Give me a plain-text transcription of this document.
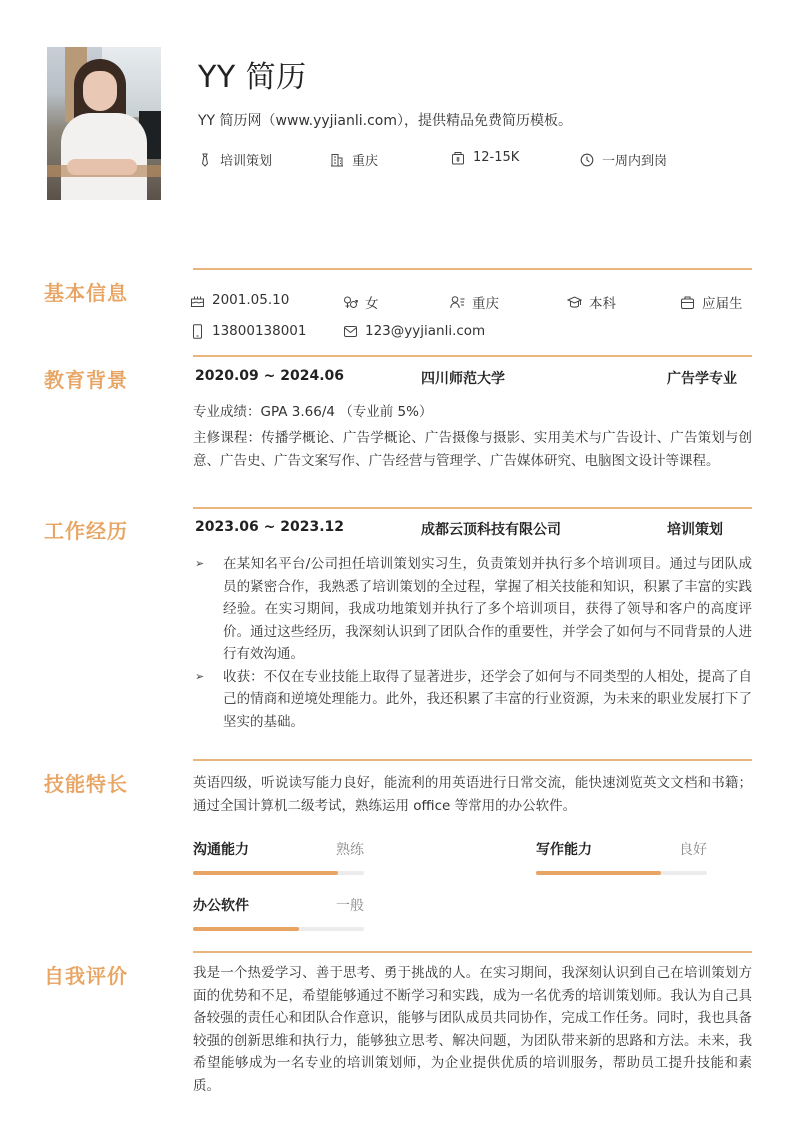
YY 简历
YY 简历网（www.yyjianli.com），提供精品免费简历模板。
培训策划	重庆	12-15K	一周内到岗
基本信息	2001.05.10	女	重庆	本科	应届生
13800138001	123@yyjianli.com
教育背景	2020.09 ~ 2024.06	四川师范大学	广告学专业
专业成绩：GPA 3.66/4 （专业前 5%）
主修课程：传播学概论、广告学概论、广告摄像与摄影、实用美术与广告设计、广告策划与创意、广告史、广告文案写作、广告经营与管理学、广告媒体研究、电脑图文设计等课程。
工作经历	2023.06 ~ 2023.12	成都云顶科技有限公司	培训策划
➢ 在某知名平台/公司担任培训策划实习生，负责策划并执行多个培训项目。通过与团队成员的紧密合作，我熟悉了培训策划的全过程，掌握了相关技能和知识，积累了丰富的实践经验。在实习期间，我成功地策划并执行了多个培训项目，获得了领导和客户的高度评价。通过这些经历，我深刻认识到了团队合作的重要性，并学会了如何与不同背景的人进行有效沟通。
➢ 收获：不仅在专业技能上取得了显著进步，还学会了如何与不同类型的人相处，提高了自己的情商和逆境处理能力。此外，我还积累了丰富的行业资源，为未来的职业发展打下了坚实的基础。
技能特长	英语四级，听说读写能力良好，能流利的用英语进行日常交流，能快速浏览英文文档和书籍；通过全国计算机二级考试，熟练运用 office 等常用的办公软件。
沟通能力	熟练	写作能力	良好
办公软件	一般
自我评价	我是一个热爱学习、善于思考、勇于挑战的人。在实习期间，我深刻认识到自己在培训策划方面的优势和不足，希望能够通过不断学习和实践，成为一名优秀的培训策划师。我认为自己具备较强的责任心和团队合作意识，能够与团队成员共同协作，完成工作任务。同时，我也具备较强的创新思维和执行力，能够独立思考、解决问题，为团队带来新的思路和方法。未来，我希望能够成为一名专业的培训策划师，为企业提供优质的培训服务，帮助员工提升技能和素质。
